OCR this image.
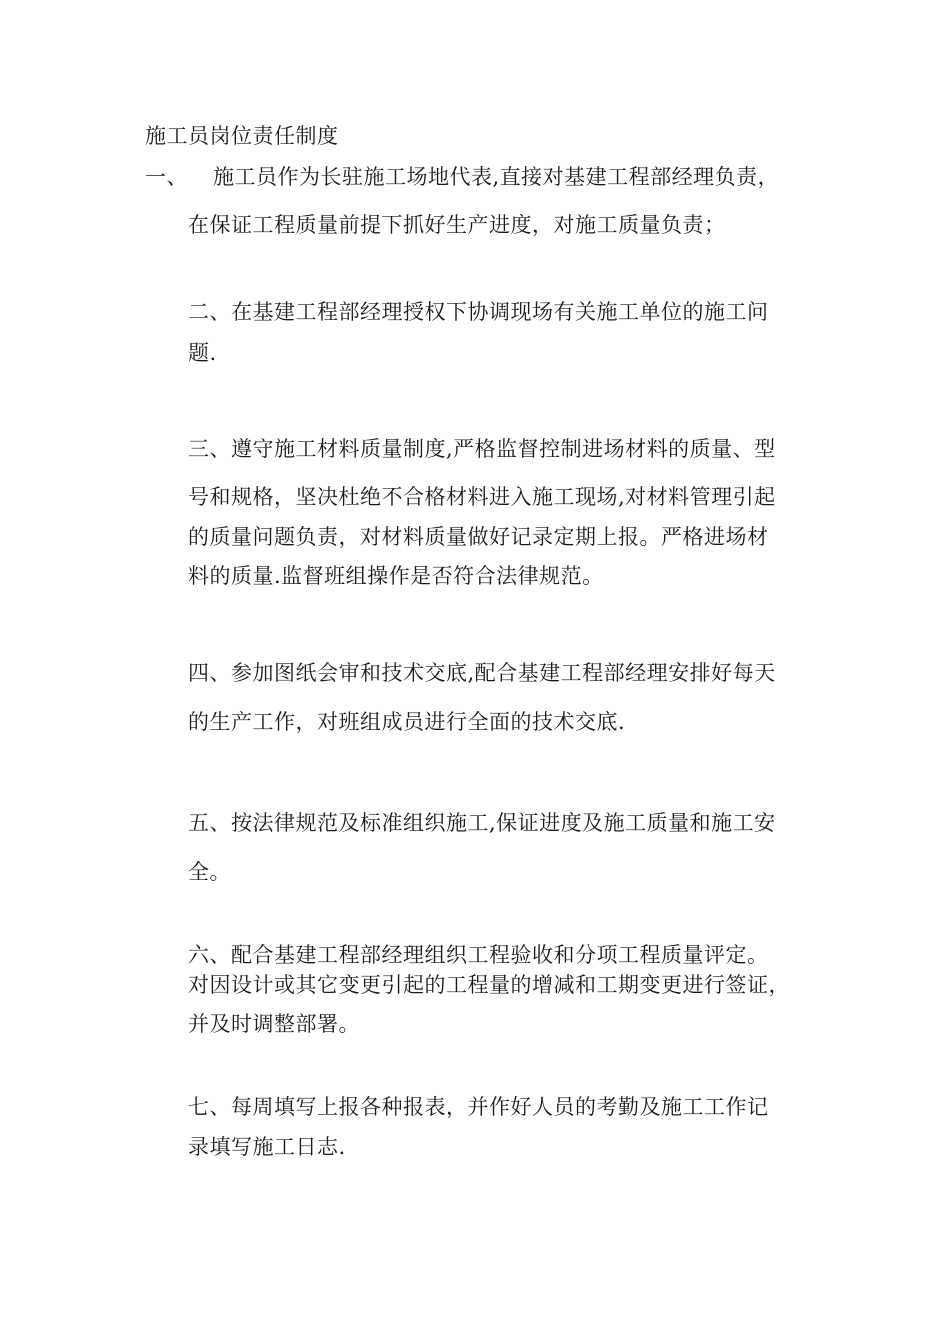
施工员岗位责任制度
一、 施工员作为长驻施工场地代表,直接对基建工程部经理负责，
在保证工程质量前提下抓好生产进度，对施工质量负责；
二、在基建工程部经理授权下协调现场有关施工单位的施工问
题.
三、遵守施工材料质量制度,严格监督控制进场材料的质量、型
号和规格，坚决杜绝不合格材料进入施工现场,对材料管理引起
的质量问题负责，对材料质量做好记录定期上报。严格进场材
料的质量.监督班组操作是否符合法律规范。
四、参加图纸会审和技术交底,配合基建工程部经理安排好每天
的生产工作，对班组成员进行全面的技术交底.
五、按法律规范及标准组织施工,保证进度及施工质量和施工安
全。
六、配合基建工程部经理组织工程验收和分项工程质量评定。
对因设计或其它变更引起的工程量的增减和工期变更进行签证，
并及时调整部署。
七、每周填写上报各种报表，并作好人员的考勤及施工工作记
录填写施工日志.
